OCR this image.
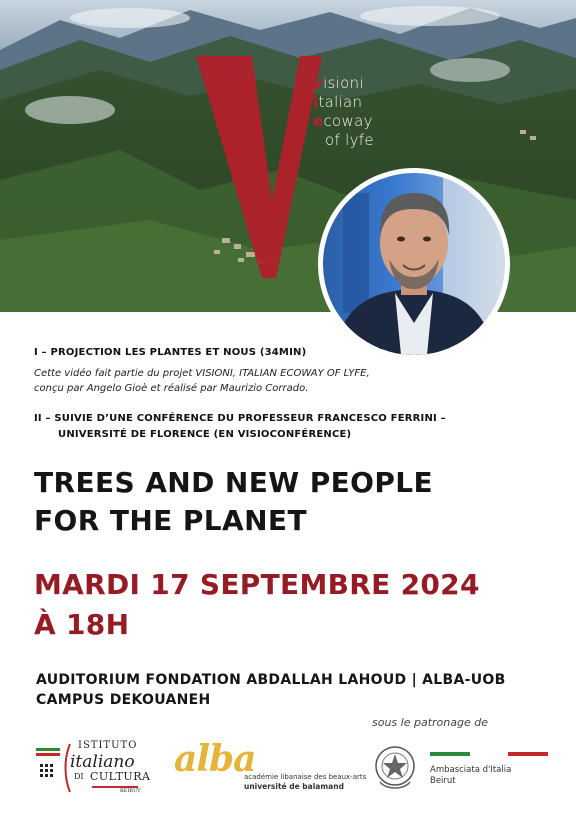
visioni
italian
ecoway
of lyfe
I – PROJECTION LES PLANTES ET NOUS (34MIN)
Cette vidéo fait partie du projet VISIONI, ITALIAN ECOWAY OF LYFE,
conçu par Angelo Gioè et réalisé par Maurizio Corrado.
II – SUIVIE D’UNE CONFÉRENCE DU PROFESSEUR FRANCESCO FERRINI –
UNIVERSITÉ DE FLORENCE (EN VISIOCONFÉRENCE)
TREES AND NEW PEOPLE
FOR THE PLANET
MARDI 17 SEPTEMBRE 2024
À 18H
AUDITORIUM FONDATION ABDALLAH LAHOUD | ALBA-UOB
CAMPUS DEKOUANEH
sous le patronage de
ISTITUTO
italiano
DI CULTURA
BEIRUT
alba
académie libanaise des beaux-arts
université de balamand
Ambasciata d'Italia
Beirut
